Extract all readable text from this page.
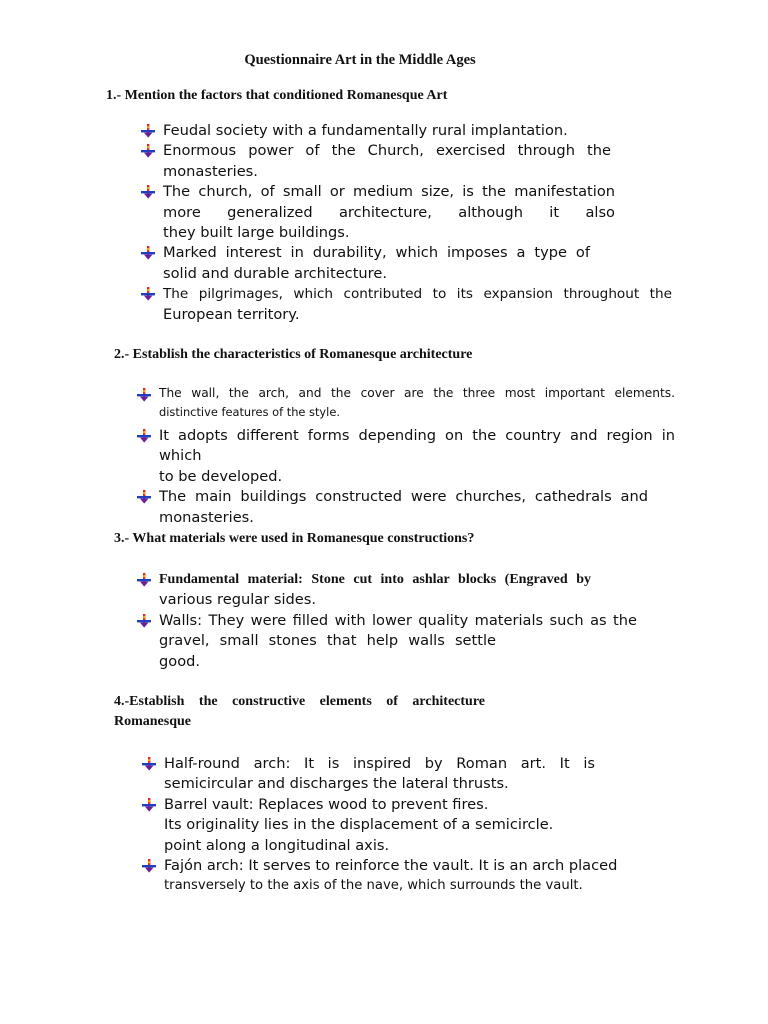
Questionnaire Art in the Middle Ages
1.- Mention the factors that conditioned Romanesque Art
Feudal society with a fundamentally rural implantation.
Enormous power of the Church, exercised through the
monasteries.
The church, of small or medium size, is the manifestation
more generalized architecture, although it also
they built large buildings.
Marked interest in durability, which imposes a type of
solid and durable architecture.
The pilgrimages, which contributed to its expansion throughout the
European territory.
2.- Establish the characteristics of Romanesque architecture
The wall, the arch, and the cover are the three most important elements.
distinctive features of the style.
It adopts different forms depending on the country and region in which
to be developed.
The main buildings constructed were churches, cathedrals and
monasteries.
3.- What materials were used in Romanesque constructions?
Fundamental material: Stone cut into ashlar blocks (Engraved by
various regular sides.
Walls: They were filled with lower quality materials such as the
gravel, small stones that help walls settle
good.
4.-Establish the constructive elements of architecture
Romanesque
Half-round arch: It is inspired by Roman art. It is
semicircular and discharges the lateral thrusts.
Barrel vault: Replaces wood to prevent fires.
Its originality lies in the displacement of a semicircle.
point along a longitudinal axis.
Fajón arch: It serves to reinforce the vault. It is an arch placed
transversely to the axis of the nave, which surrounds the vault.
